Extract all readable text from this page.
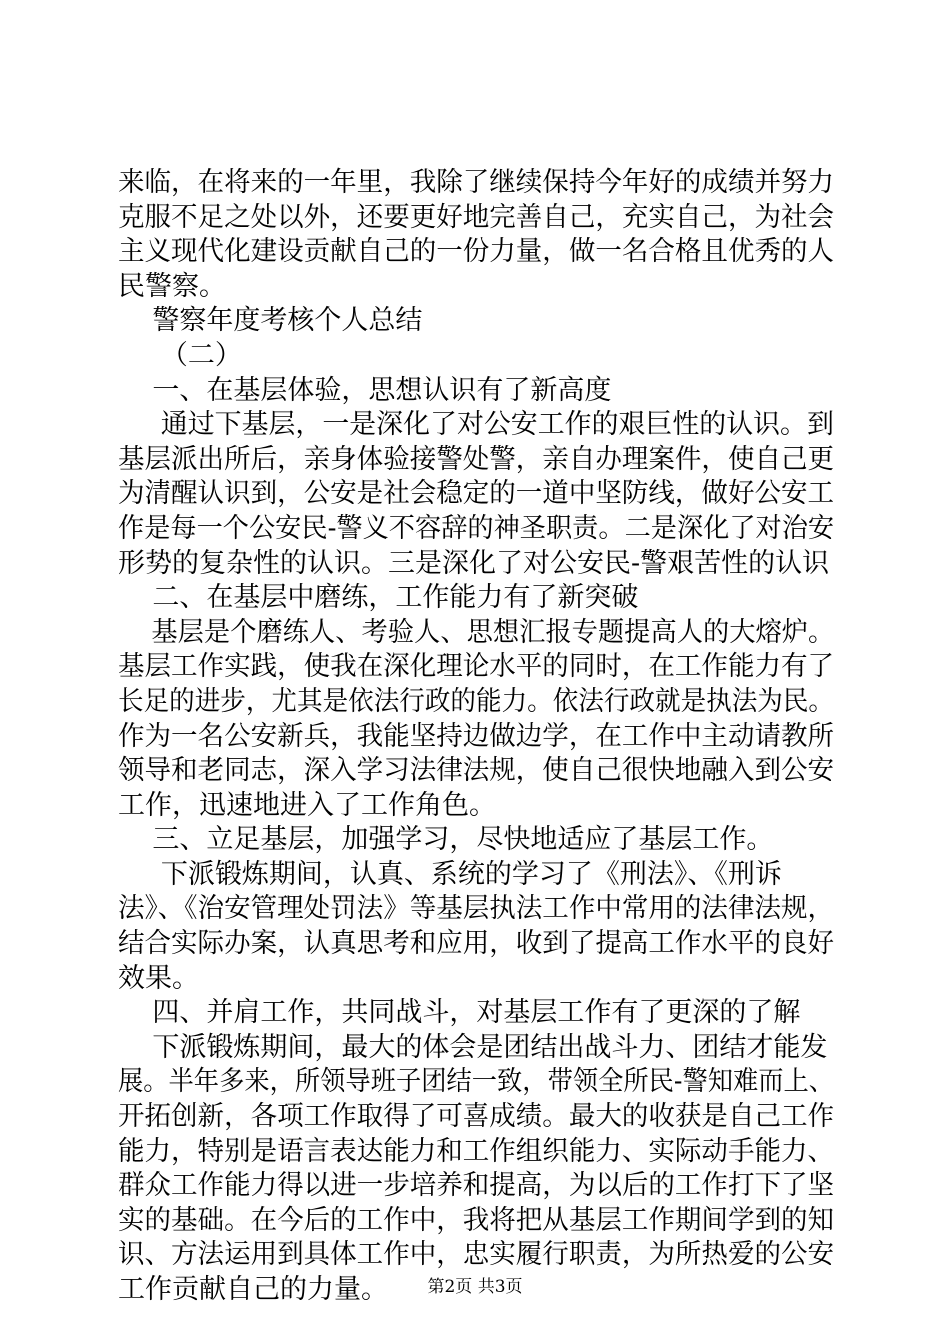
来临，在将来的一年里，我除了继续保持今年好的成绩并努力
克服不足之处以外，还要更好地完善自己，充实自己，为社会
主义现代化建设贡献自己的一份力量，做一名合格且优秀的人
民警察。
警察年度考核个人总结
（二）
一、在基层体验，思想认识有了新高度
通过下基层，一是深化了对公安工作的艰巨性的认识。到
基层派出所后，亲身体验接警处警，亲自办理案件，使自己更
为清醒认识到，公安是社会稳定的一道中坚防线，做好公安工
作是每一个公安民-警义不容辞的神圣职责。二是深化了对治安
形势的复杂性的认识。三是深化了对公安民-警艰苦性的认识
二、在基层中磨练，工作能力有了新突破
基层是个磨练人、考验人、思想汇报专题提高人的大熔炉。
基层工作实践，使我在深化理论水平的同时，在工作能力有了
长足的进步，尤其是依法行政的能力。依法行政就是执法为民。
作为一名公安新兵，我能坚持边做边学，在工作中主动请教所
领导和老同志，深入学习法律法规，使自己很快地融入到公安
工作，迅速地进入了工作角色。
三、立足基层，加强学习，尽快地适应了基层工作。
下派锻炼期间，认真、系统的学习了《刑法》、《刑诉
法》、《治安管理处罚法》等基层执法工作中常用的法律法规，
结合实际办案，认真思考和应用，收到了提高工作水平的良好
效果。
四、并肩工作，共同战斗，对基层工作有了更深的了解
下派锻炼期间，最大的体会是团结出战斗力、团结才能发
展。半年多来，所领导班子团结一致，带领全所民-警知难而上、
开拓创新，各项工作取得了可喜成绩。最大的收获是自己工作
能力，特别是语言表达能力和工作组织能力、实际动手能力、
群众工作能力得以进一步培养和提高，为以后的工作打下了坚
实的基础。在今后的工作中，我将把从基层工作期间学到的知
识、方法运用到具体工作中，忠实履行职责，为所热爱的公安
工作贡献自己的力量。	第2页 共3页
